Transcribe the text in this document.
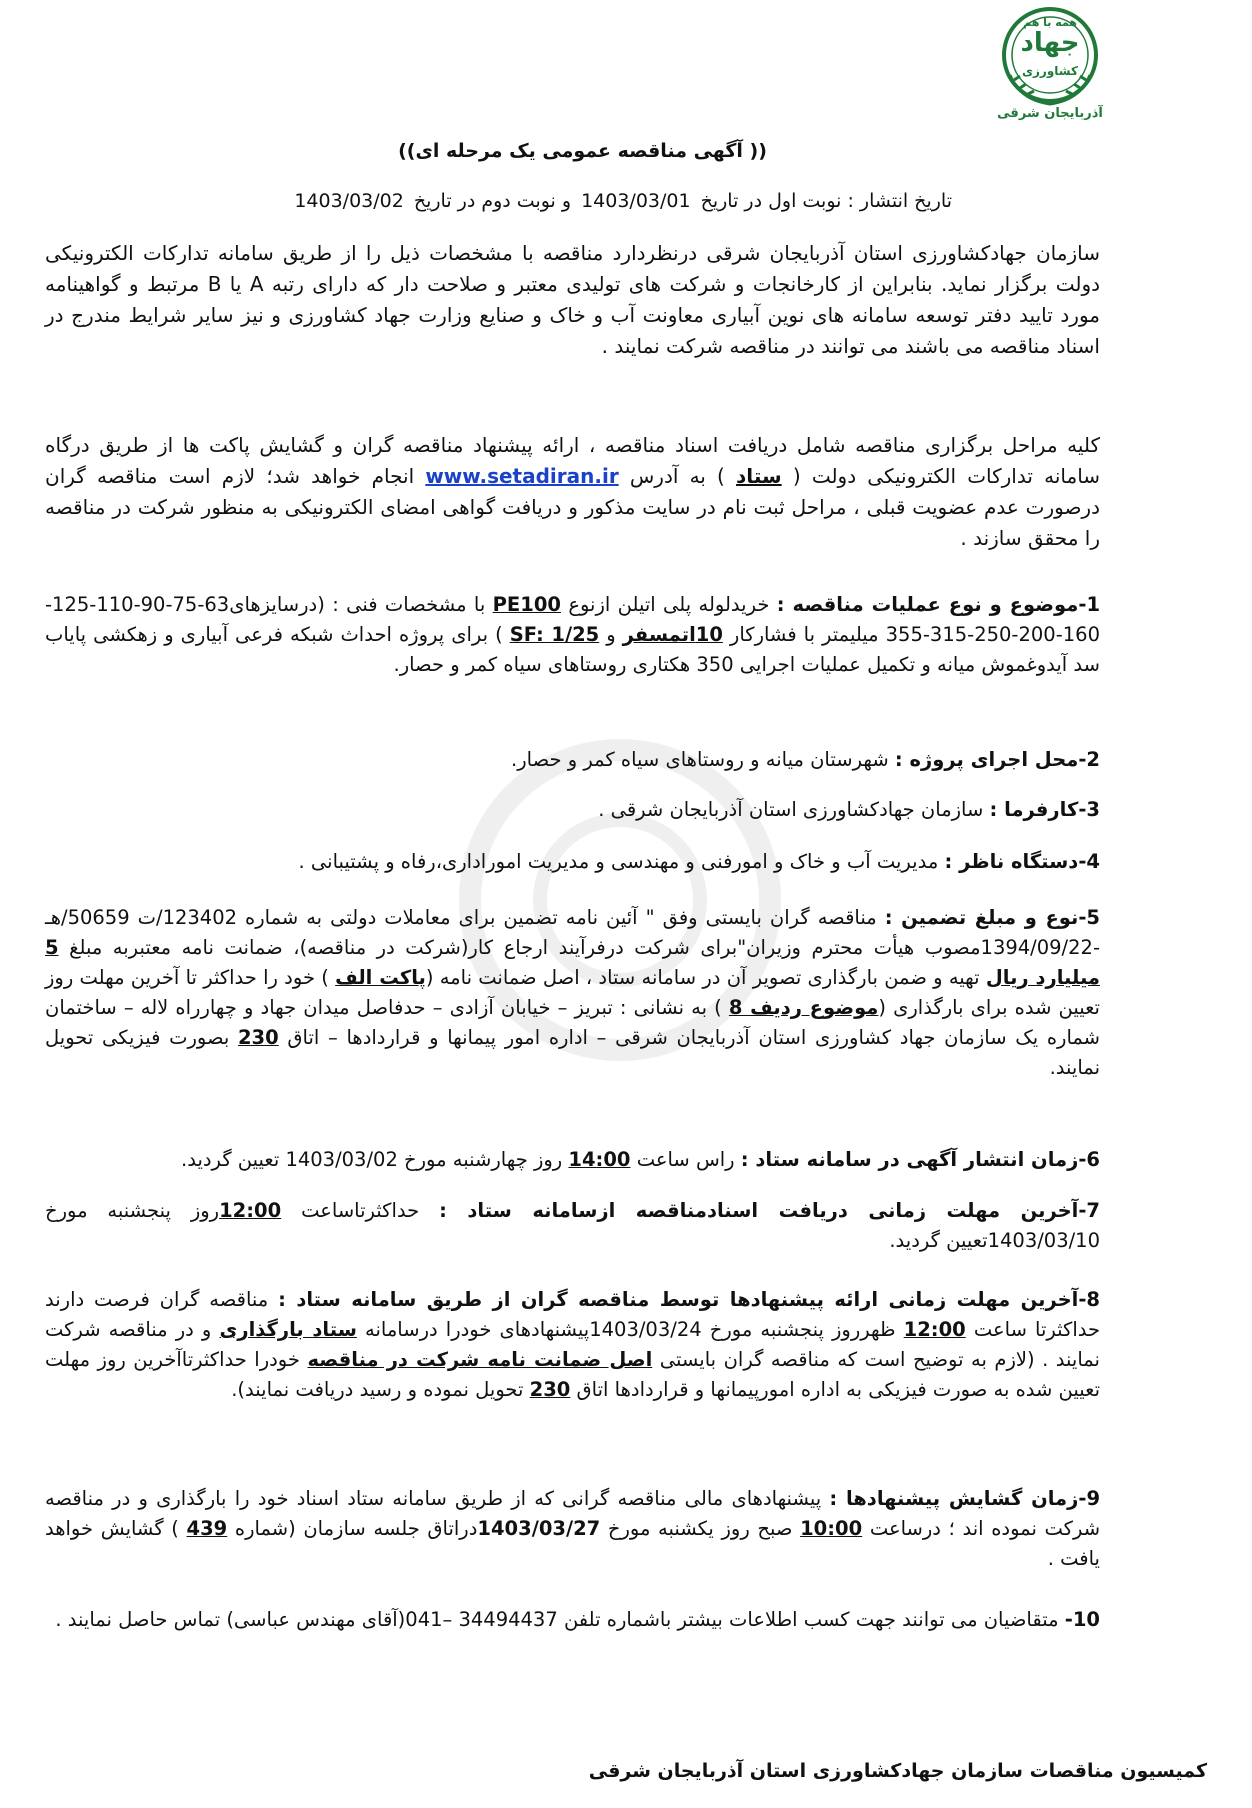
همه با هم
جهاد
کشاورزی
آذربایجان شرقی
(( آگهی مناقصه عمومی یک مرحله ای))
تاریخ انتشار : نوبت اول در تاریخ1403/03/01و نوبت دوم در تاریخ1403/03/02
سازمان جهادکشاورزی استان آذربایجان شرقی درنظردارد مناقصه با مشخصات ذیل را از طریق سامانه تدارکات الکترونیکی دولت برگزار نماید. بنابراین از کارخانجات و شرکت های تولیدی معتبر و صلاحت دار که دارای رتبه A یا B مرتبط و گواهینامه مورد تایید دفتر توسعه سامانه های نوین آبیاری معاونت آب و خاک و صنایع وزارت جهاد کشاورزی و نیز سایر شرایط مندرج در اسناد مناقصه می باشند می توانند در مناقصه شرکت نمایند .
کلیه مراحل برگزاری مناقصه شامل دریافت اسناد مناقصه ، ارائه پیشنهاد مناقصه گران و گشایش پاکت ها از طریق درگاه سامانه تدارکات الکترونیکی دولت ( ستاد ) به آدرس www.setadiran.ir انجام خواهد شد؛ لازم است مناقصه گران درصورت عدم عضویت قبلی ، مراحل ثبت نام در سایت مذکور و دریافت گواهی امضای الکترونیکی به منظور شرکت در مناقصه را محقق سازند .
1-موضوع و نوع عملیات مناقصه : خریدلوله پلی اتیلن ازنوع PE100 با مشخصات فنی : (درسایزهای63-75-90-110-125-160-200-250-315-355 میلیمتر با فشارکار 10اتمسفر و SF: 1/25 ) برای پروژه احداث شبکه فرعی آبیاری و زهکشی پایاب سد آیدوغموش میانه و تکمیل عملیات اجرایی 350 هکتاری روستاهای سیاه کمر و حصار.
2-محل اجرای پروژه : شهرستان میانه و روستاهای سیاه کمر و حصار.
3-کارفرما : سازمان جهادکشاورزی استان آذربایجان شرقی .
4-دستگاه ناظر : مدیریت آب و خاک و امورفنی و مهندسی و مدیریت اموراداری،رفاه و پشتیبانی .
5-نوع و مبلغ تضمین : مناقصه گران بایستی وفق " آئین نامه تضمین برای معاملات دولتی به شماره 123402/ت 50659/هـ -1394/09/22مصوب هیأت محترم وزیران"برای شرکت درفرآیند ارجاع کار(شرکت در مناقصه)، ضمانت نامه معتبربه مبلغ 5 میلیارد ریال تهیه و ضمن بارگذاری تصویر آن در سامانه ستاد ، اصل ضمانت نامه (پاکت الف ) خود را حداکثر تا آخرین مهلت روز تعیین شده برای بارگذاری (موضوع ردیف 8 ) به نشانی : تبریز – خیابان آزادی – حدفاصل میدان جهاد و چهارراه لاله – ساختمان شماره یک سازمان جهاد کشاورزی استان آذربایجان شرقی – اداره امور پیمانها و قراردادها – اتاق 230 بصورت فیزیکی تحویل نمایند.
6-زمان انتشار آگهی در سامانه ستاد : راس ساعت 14:00 روز چهارشنبه مورخ 1403/03/02 تعیین گردید.
7-آخرین مهلت زمانی دریافت اسنادمناقصه ازسامانه ستاد : حداکثرتاساعت 12:00روز پنجشنبه مورخ 1403/03/10تعیین گردید.
8-آخرین مهلت زمانی ارائه پیشنهادها توسط مناقصه گران از طریق سامانه ستاد : مناقصه گران فرصت دارند حداکثرتا ساعت 12:00 ظهرروز پنجشنبه مورخ 1403/03/24پیشنهادهای خودرا درسامانه ستاد بارگذاری و در مناقصه شرکت نمایند . (لازم به توضیح است که مناقصه گران بایستی اصل ضمانت نامه شرکت در مناقصه خودرا حداکثرتاآخرین روز مهلت تعیین شده به صورت فیزیکی به اداره امورپیمانها و قراردادها اتاق 230 تحویل نموده و رسید دریافت نمایند).
9-زمان گشایش پیشنهادها : پیشنهادهای مالی مناقصه گرانی که از طریق سامانه ستاد اسناد خود را بارگذاری و در مناقصه شرکت نموده اند ؛ درساعت 10:00 صبح روز یکشنبه مورخ 1403/03/27دراتاق جلسه سازمان (شماره 439 ) گشایش خواهد یافت .
10- متقاضیان می توانند جهت کسب اطلاعات بیشتر باشماره تلفن 34494437 –041(آقای مهندس عباسی) تماس حاصل نمایند .
کمیسیون مناقصات سازمان جهادکشاورزی استان آذربایجان شرقی
